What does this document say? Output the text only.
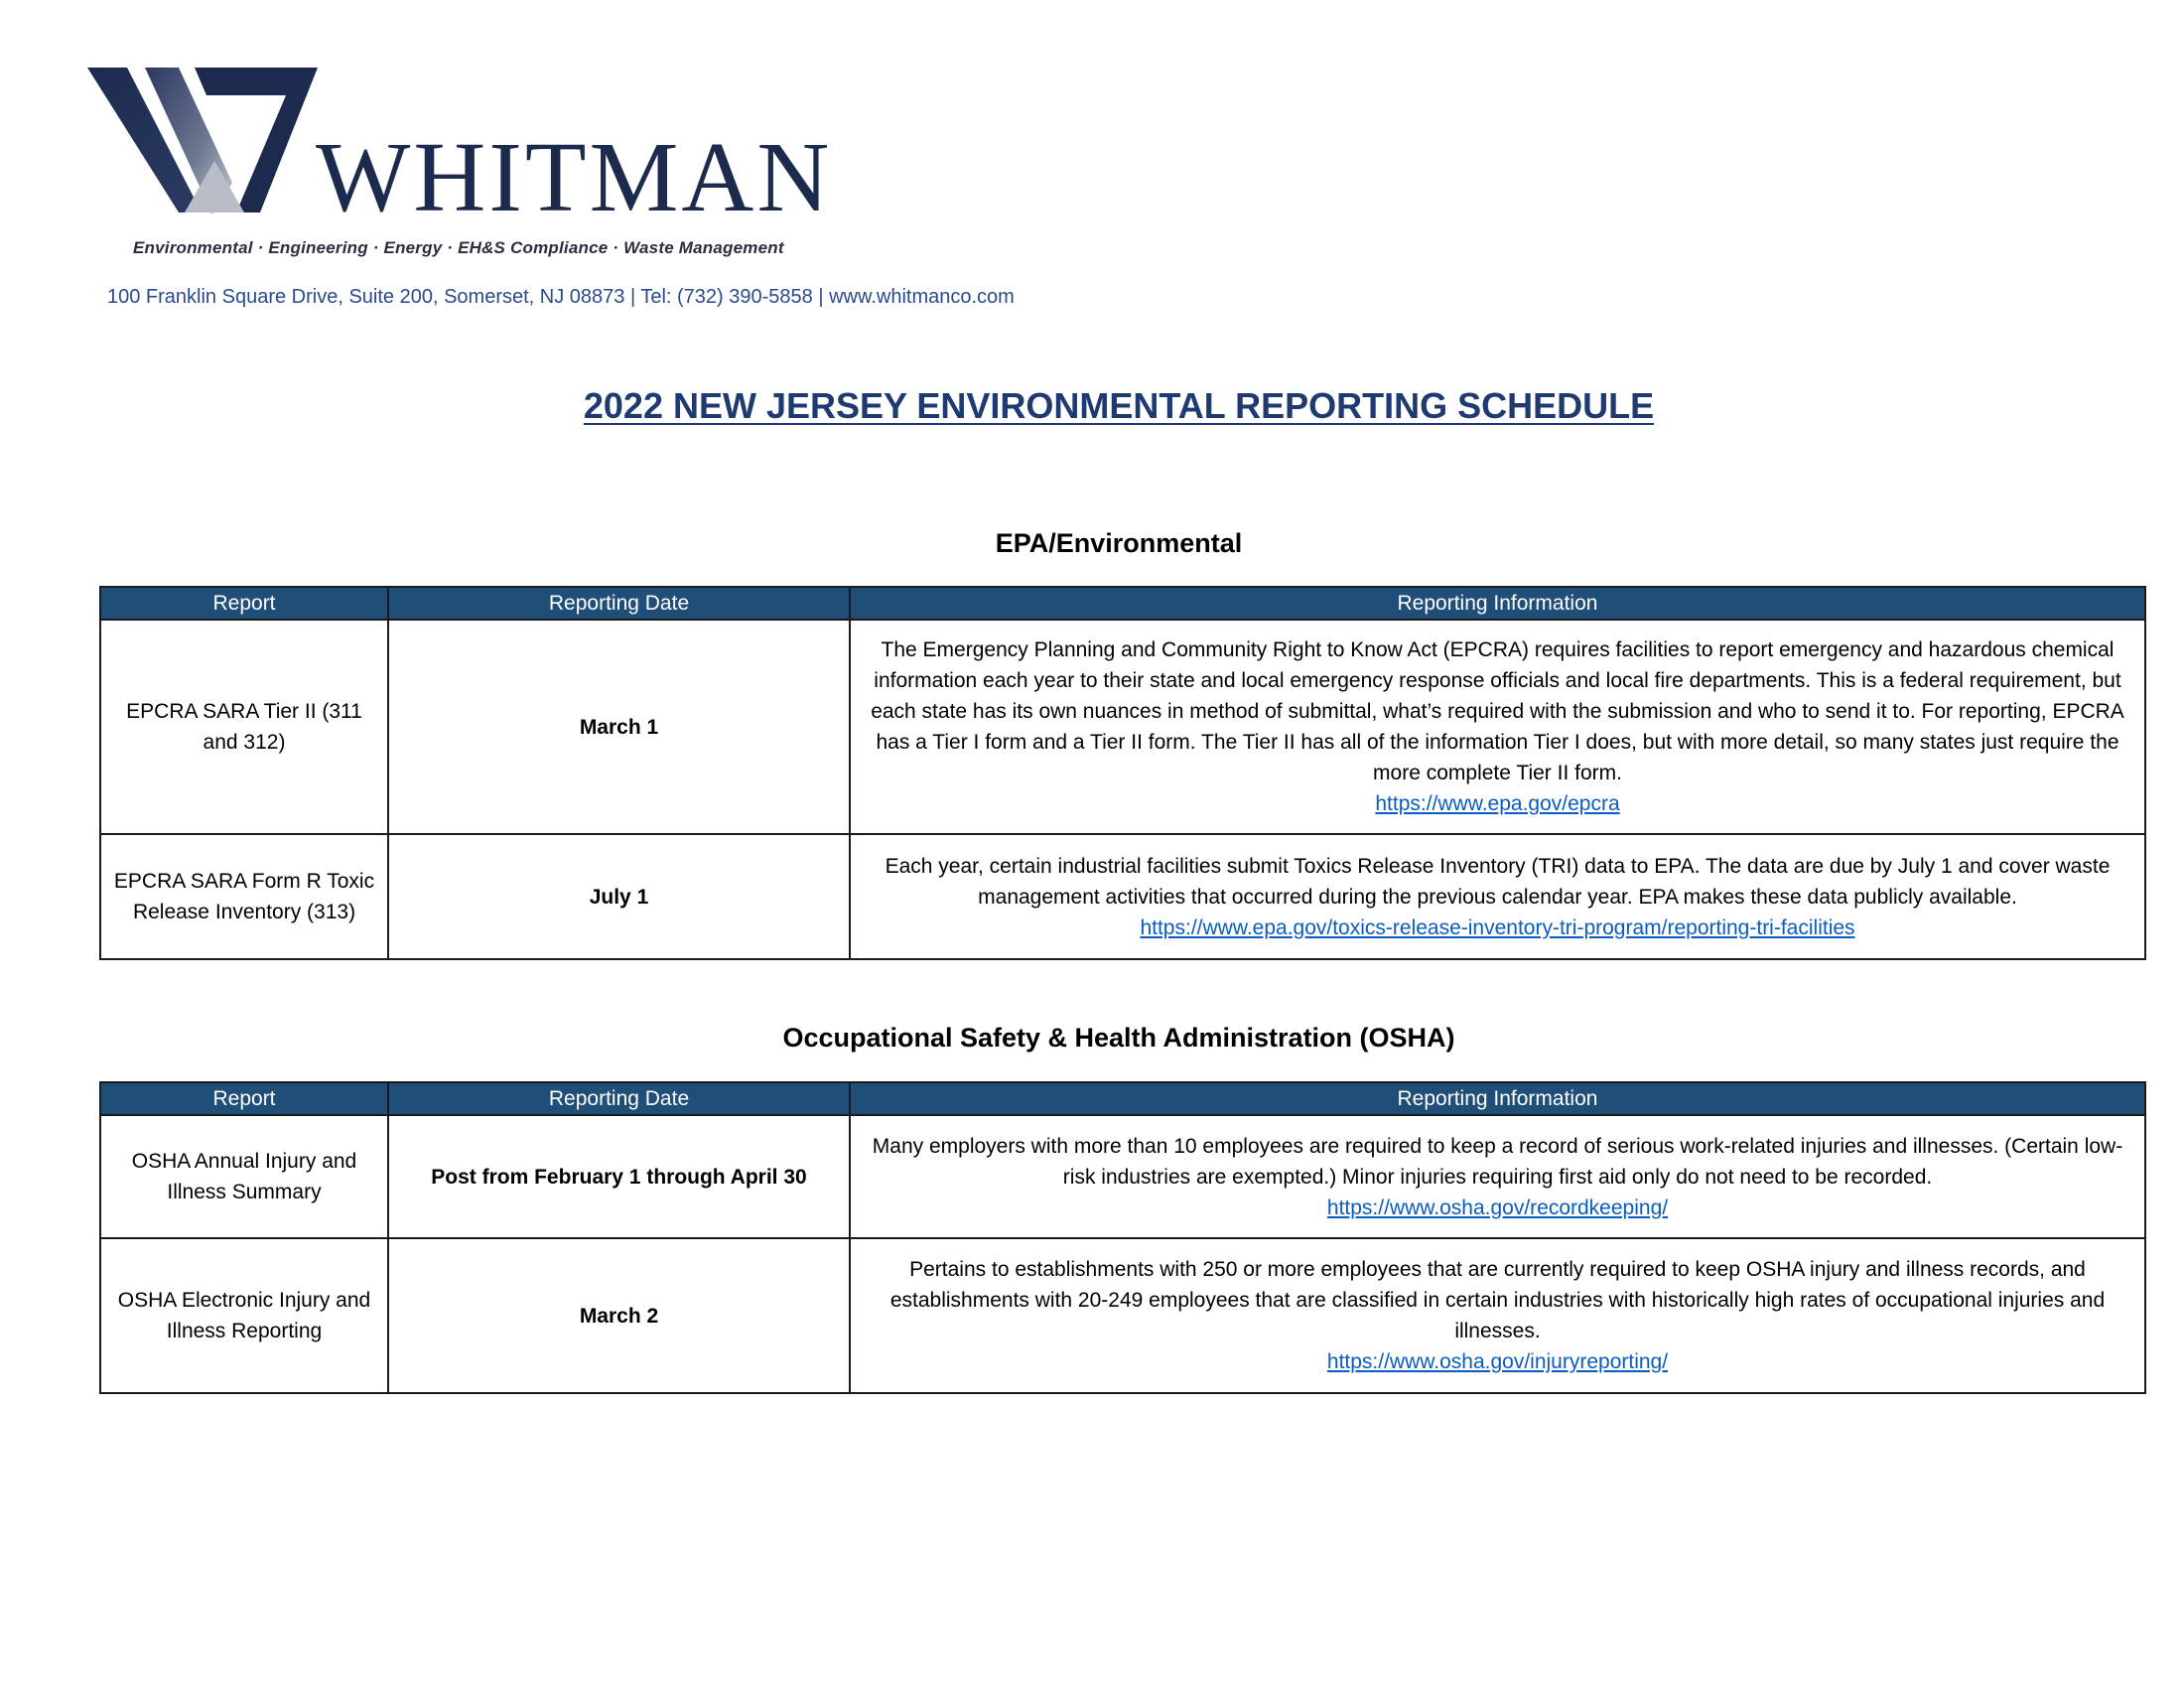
WHITMAN
Environmental · Engineering · Energy · EH&S Compliance · Waste Management
100 Franklin Square Drive, Suite 200, Somerset, NJ 08873 | Tel: (732) 390-5858 | www.whitmanco.com
2022 NEW JERSEY ENVIRONMENTAL REPORTING SCHEDULE
EPA/Environmental
Report	Reporting Date	Reporting Information
EPCRA SARA Tier II (311 and 312)	March 1	The Emergency Planning and Community Right to Know Act (EPCRA) requires facilities to report emergency and hazardous chemical information each year to their state and local emergency response officials and local fire departments. This is a federal requirement, but each state has its own nuances in method of submittal, what’s required with the submission and who to send it to. For reporting, EPCRA has a Tier I form and a Tier II form. The Tier II has all of the information Tier I does, but with more detail, so many states just require the more complete Tier II form.
https://www.epa.gov/epcra
EPCRA SARA Form R Toxic Release Inventory (313)	July 1	Each year, certain industrial facilities submit Toxics Release Inventory (TRI) data to EPA. The data are due by July 1 and cover waste management activities that occurred during the previous calendar year. EPA makes these data publicly available.
https://www.epa.gov/toxics-release-inventory-tri-program/reporting-tri-facilities
Occupational Safety & Health Administration (OSHA)
Report	Reporting Date	Reporting Information
OSHA Annual Injury and Illness Summary	Post from February 1 through April 30	Many employers with more than 10 employees are required to keep a record of serious work-related injuries and illnesses. (Certain low-risk industries are exempted.) Minor injuries requiring first aid only do not need to be recorded.
https://www.osha.gov/recordkeeping/
OSHA Electronic Injury and Illness Reporting	March 2	Pertains to establishments with 250 or more employees that are currently required to keep OSHA injury and illness records, and establishments with 20-249 employees that are classified in certain industries with historically high rates of occupational injuries and illnesses.
https://www.osha.gov/injuryreporting/
